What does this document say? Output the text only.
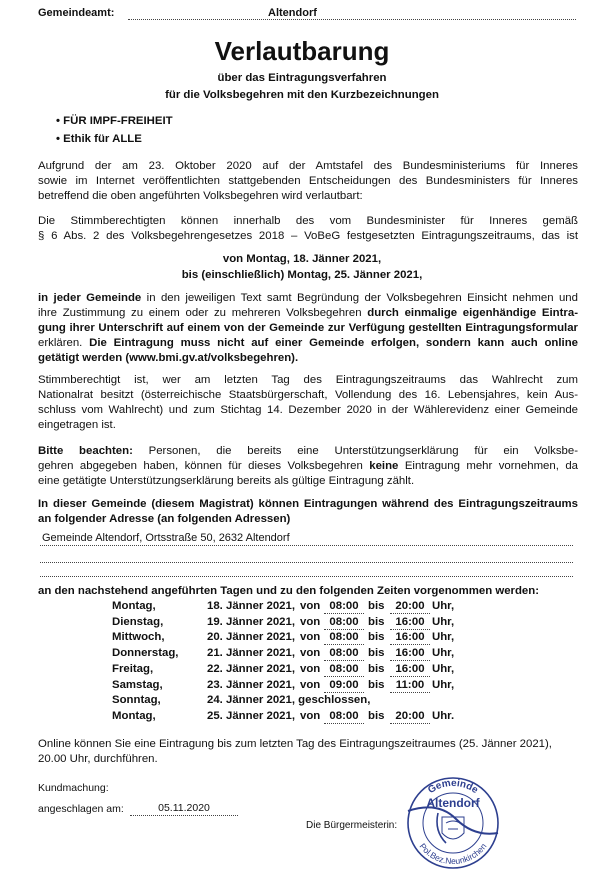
Gemeindeamt:	Altendorf
Verlautbarung
über das Eintragungsverfahren
für die Volksbegehren mit den Kurzbezeichnungen
• FÜR IMPF-FREIHEIT
• Ethik für ALLE
Aufgrund der am 23. Oktober 2020 auf der Amtstafel des Bundesministeriums für Inneres
sowie im Internet veröffentlichten stattgebenden Entscheidungen des Bundesministers für Inneres
betreffend die oben angeführten Volksbegehren wird verlautbart:
Die Stimmberechtigten können innerhalb des vom Bundesminister für Inneres gemäß
§ 6 Abs. 2 des Volksbegehrengesetzes 2018 – VoBeG festgesetzten Eintragungszeitraums, das ist
von Montag, 18. Jänner 2021,
bis (einschließlich) Montag, 25. Jänner 2021,
in jeder Gemeinde in den jeweiligen Text samt Begründung der Volksbegehren Einsicht nehmen und
ihre Zustimmung zu einem oder zu mehreren Volksbegehren durch einmalige eigenhändige Eintra-
gung ihrer Unterschrift auf einem von der Gemeinde zur Verfügung gestellten Eintragungsformular
erklären. Die Eintragung muss nicht auf einer Gemeinde erfolgen, sondern kann auch online
getätigt werden (www.bmi.gv.at/volksbegehren).
Stimmberechtigt ist, wer am letzten Tag des Eintragungszeitraums das Wahlrecht zum
Nationalrat besitzt (österreichische Staatsbürgerschaft, Vollendung des 16. Lebensjahres, kein Aus-
schluss vom Wahlrecht) und zum Stichtag 14. Dezember 2020 in der Wählerevidenz einer Gemeinde
eingetragen ist.
Bitte beachten: Personen, die bereits eine Unterstützungserklärung für ein Volksbe-
gehren abgegeben haben, können für dieses Volksbegehren keine Eintragung mehr vornehmen, da
eine getätigte Unterstützungserklärung bereits als gültige Eintragung zählt.
In dieser Gemeinde (diesem Magistrat) können Eintragungen während des Eintragungszeitraums
an folgender Adresse (an folgenden Adressen)
Gemeinde Altendorf, Ortsstraße 50, 2632 Altendorf
an den nachstehend angeführten Tagen und zu den folgenden Zeiten vorgenommen werden:
Montag,	18. Jänner 2021, von 08:00 bis 20:00 Uhr,
Dienstag,	19. Jänner 2021, von 08:00 bis 16:00 Uhr,
Mittwoch,	20. Jänner 2021, von 08:00 bis 16:00 Uhr,
Donnerstag,	21. Jänner 2021, von 08:00 bis 16:00 Uhr,
Freitag,	22. Jänner 2021, von 08:00 bis 16:00 Uhr,
Samstag,	23. Jänner 2021, von 09:00 bis 11:00 Uhr,
Sonntag,	24. Jänner 2021, geschlossen,
Montag,	25. Jänner 2021, von 08:00 bis 20:00 Uhr.
Online können Sie eine Eintragung bis zum letzten Tag des Eintragungszeitraumes (25. Jänner 2021),
20.00 Uhr, durchführen.
Kundmachung:
angeschlagen am:	05.11.2020
Die Bürgermeisterin:
Gemeinde
Pol.Bez.Neunkirchen
Altendorf
